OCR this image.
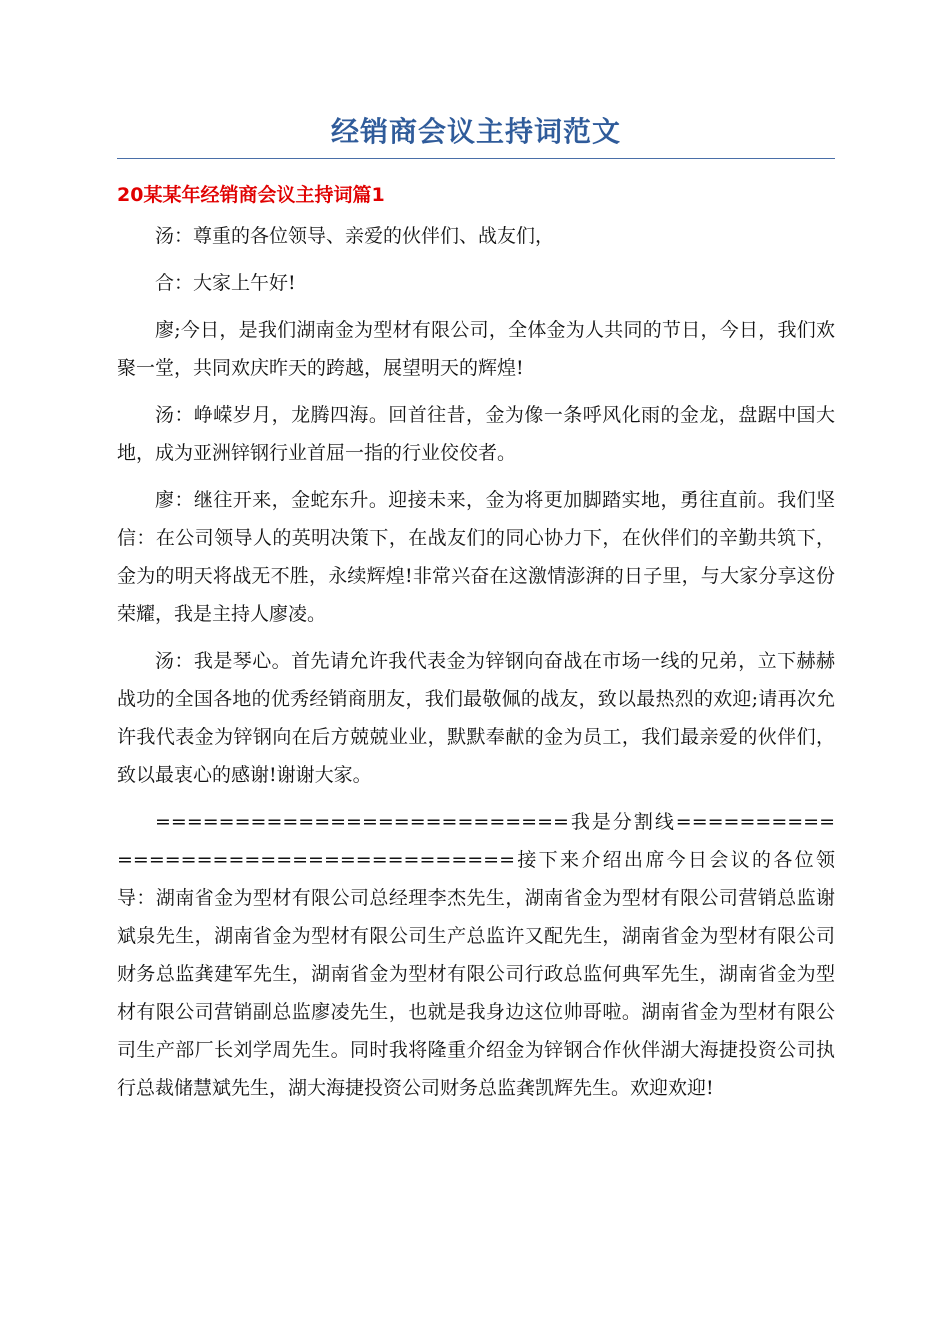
经销商会议主持词范文
20某某年经销商会议主持词篇1

汤：尊重的各位领导、亲爱的伙伴们、战友们，

合：大家上午好!

廖;今日，是我们湖南金为型材有限公司，全体金为人共同的节日，今日，我们欢聚一堂，共同欢庆昨天的跨越，展望明天的辉煌!

汤：峥嵘岁月，龙腾四海。回首往昔，金为像一条呼风化雨的金龙，盘踞中国大地，成为亚洲锌钢行业首屈一指的行业佼佼者。

廖：继往开来，金蛇东升。迎接未来，金为将更加脚踏实地，勇往直前。我们坚信：在公司领导人的英明决策下，在战友们的同心协力下，在伙伴们的辛勤共筑下，金为的明天将战无不胜，永续辉煌!非常兴奋在这激情澎湃的日子里，与大家分享这份荣耀，我是主持人廖凌。

汤：我是琴心。首先请允许我代表金为锌钢向奋战在市场一线的兄弟，立下赫赫战功的全国各地的优秀经销商朋友，我们最敬佩的战友，致以最热烈的欢迎;请再次允许我代表金为锌钢向在后方兢兢业业，默默奉献的金为员工，我们最亲爱的伙伴们，致以最衷心的感谢!谢谢大家。

==========================我是分割线===================================接下来介绍出席今日会议的各位领导：湖南省金为型材有限公司总经理李杰先生，湖南省金为型材有限公司营销总监谢斌泉先生，湖南省金为型材有限公司生产总监许又配先生，湖南省金为型材有限公司财务总监龚建军先生，湖南省金为型材有限公司行政总监何典军先生，湖南省金为型材有限公司营销副总监廖凌先生，也就是我身边这位帅哥啦。湖南省金为型材有限公司生产部厂长刘学周先生。同时我将隆重介绍金为锌钢合作伙伴湖大海捷投资公司执行总裁储慧斌先生，湖大海捷投资公司财务总监龚凯辉先生。欢迎欢迎!
